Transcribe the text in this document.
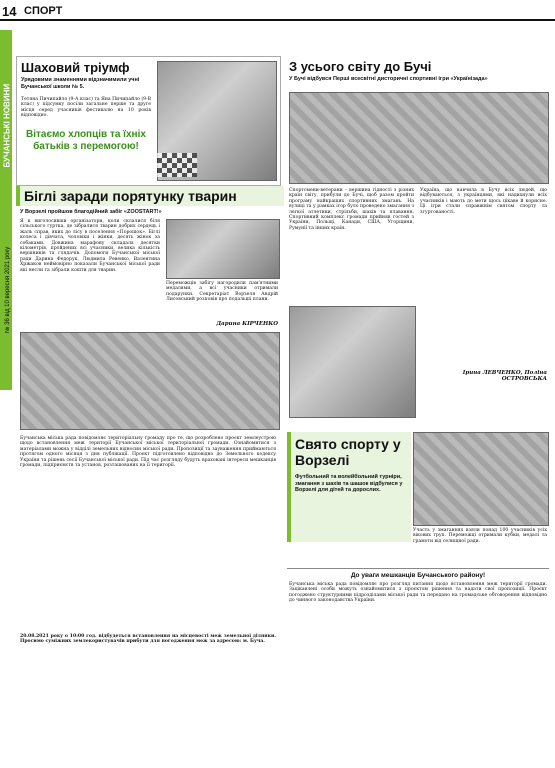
14 СПОРТ
БУЧАНСЬКІ НОВИНИ
№ 36 від 10 вересня 2021 року
Шаховий тріумф
Урядовими знаменнями відзначимили учні Бучанської школи № 5.
Тетяна Пичипайло (9-А клас) та Яна Пичипайло (9-В клас) у підсумку посіли загальне перше та друге місця серед учасників фестивалю на 10 років відповідно.
Вітаємо хлопців та їхніх батьків з перемогою!
З усього світу до Бучі
У Бучі відбувся Перші всесвітні дисторичні спортивні ігри «Українізада»
Біглі заради порятунку тварин
У Ворзелі пройшов благодійний забіг «ZOOSTART!»
Я к виголосивши організатори, коли склалися біля сільського гуртка, де зібралися тварин добрих сердець і жаль справ, яких до лісу в поселення «Порошок». Біглі колеса і дівчата, чоловіки і жінки, десять жінок за собаками. Довжина марафону складала десятки кілометрів, пройдених всі учасники, велика кількість вершників та глядачів. Допомоги Бучанської міської ради Дарина Федорук, Людмила Ревенко, Валентина Хржаков неймовірно показали Бучанської міської ради які несли та зібрали кошти для тварин.
Переможців забігу нагородили пам'ятними медалями, а всі учасники отримали подарунки. Секретаріат Ворзеля Андрій Лисовський розповів про подальші плани.
Дарина КІРЧЕНКО
Спортсмени-ветерани – вершина гідності з різних країн світу, прибули до Бучі, щоб разом пройти програму найкращих спортивних змагань. На вулиці та у рамках ігор було проведено змагання з легкої атлетики, стрільби, шахів та плавання. Спортивний комплекс громади прийняв гостей з України, Польщі, Канади, США, Угорщини, Румунії та інших країн.
Україна, що навчила в Бучу всіх людей, що відбуваються, з українцями, які надихнули всіх учасників і мають до мети щось цікаве й корисне. Ці ігри стали справжнім святом спорту та згуртованості.
Ірина ЛЕВЧЕНКО, Поліна ОСТРОВСЬКА
Свято спорту у Ворзелі
Футбольний та волейбольний турніри, змагання з шахів та шашок відбулися у Ворзелі для дітей та дорослих.
Участь у змаганнях взяли понад 100 учасників усіх вікових груп. Переможці отримали кубки, медалі та грамоти від селищної ради.
Бучанська міська рада повідомляє територіальну громаду про те, що розроблено проєкт землеустрою щодо встановлення меж території Бучанської міської територіальної громади. Ознайомитися з матеріалами можна у відділі земельних відносин міської ради. Пропозиції та зауваження приймаються протягом одного місяця з дня публікації. Проєкт підготовлено відповідно до Земельного кодексу України та рішень сесії Бучанської міської ради. Під час розгляду будуть враховані інтереси мешканців громади, підприємств та установ, розташованих на її території.
20.08.2021 року о 10:00 год. відбудеться встановлення на місцевості меж земельної ділянки. Просимо суміжних землекористувачів прибути для погодження меж за адресою: м. Буча.
До уваги мешканців Бучанського району!
Бучанська міська рада повідомляє про розгляд питання щодо встановлення меж території громади. Зацікавлені особи можуть ознайомитися з проєктом рішення та надати свої пропозиції. Проєкт погоджено структурними підрозділами міської ради та передано на громадське обговорення відповідно до чинного законодавства України.
